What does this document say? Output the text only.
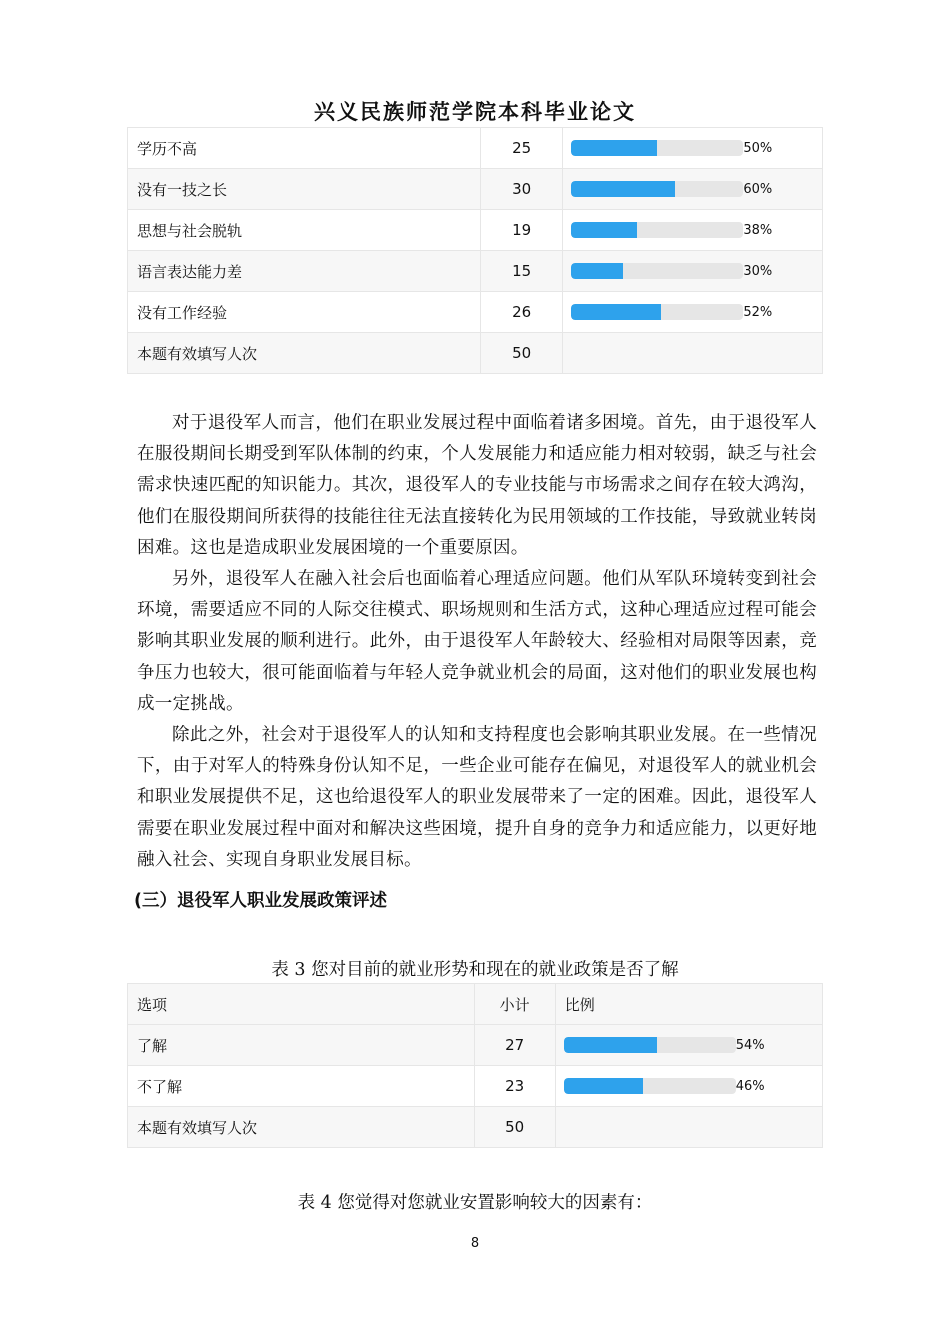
兴义民族师范学院本科毕业论文
学历不高	25	50%

没有一技之长	30	60%

思想与社会脱轨	19	38%

语言表达能力差	15	30%

没有工作经验	26	52%

本题有效填写人次	50	

对于退役军人而言，他们在职业发展过程中面临着诸多困境。首先，由于退役军人在服役期间长期受到军队体制的约束，个人发展能力和适应能力相对较弱，缺乏与社会需求快速匹配的知识能力。其次，退役军人的专业技能与市场需求之间存在较大鸿沟，他们在服役期间所获得的技能往往无法直接转化为民用领域的工作技能，导致就业转岗困难。这也是造成职业发展困境的一个重要原因。

另外，退役军人在融入社会后也面临着心理适应问题。他们从军队环境转变到社会环境，需要适应不同的人际交往模式、职场规则和生活方式，这种心理适应过程可能会影响其职业发展的顺利进行。此外，由于退役军人年龄较大、经验相对局限等因素，竞争压力也较大，很可能面临着与年轻人竞争就业机会的局面，这对他们的职业发展也构成一定挑战。

除此之外，社会对于退役军人的认知和支持程度也会影响其职业发展。在一些情况下，由于对军人的特殊身份认知不足，一些企业可能存在偏见，对退役军人的就业机会和职业发展提供不足，这也给退役军人的职业发展带来了一定的困难。因此，退役军人需要在职业发展过程中面对和解决这些困境，提升自身的竞争力和适应能力，以更好地融入社会、实现自身职业发展目标。

(三）退役军人职业发展政策评述
表 3 您对目前的就业形势和现在的就业政策是否了解
选项	小计	比例
了解	27	54%

不了解	23	46%

本题有效填写人次	50	
表 4 您觉得对您就业安置影响较大的因素有：
8
